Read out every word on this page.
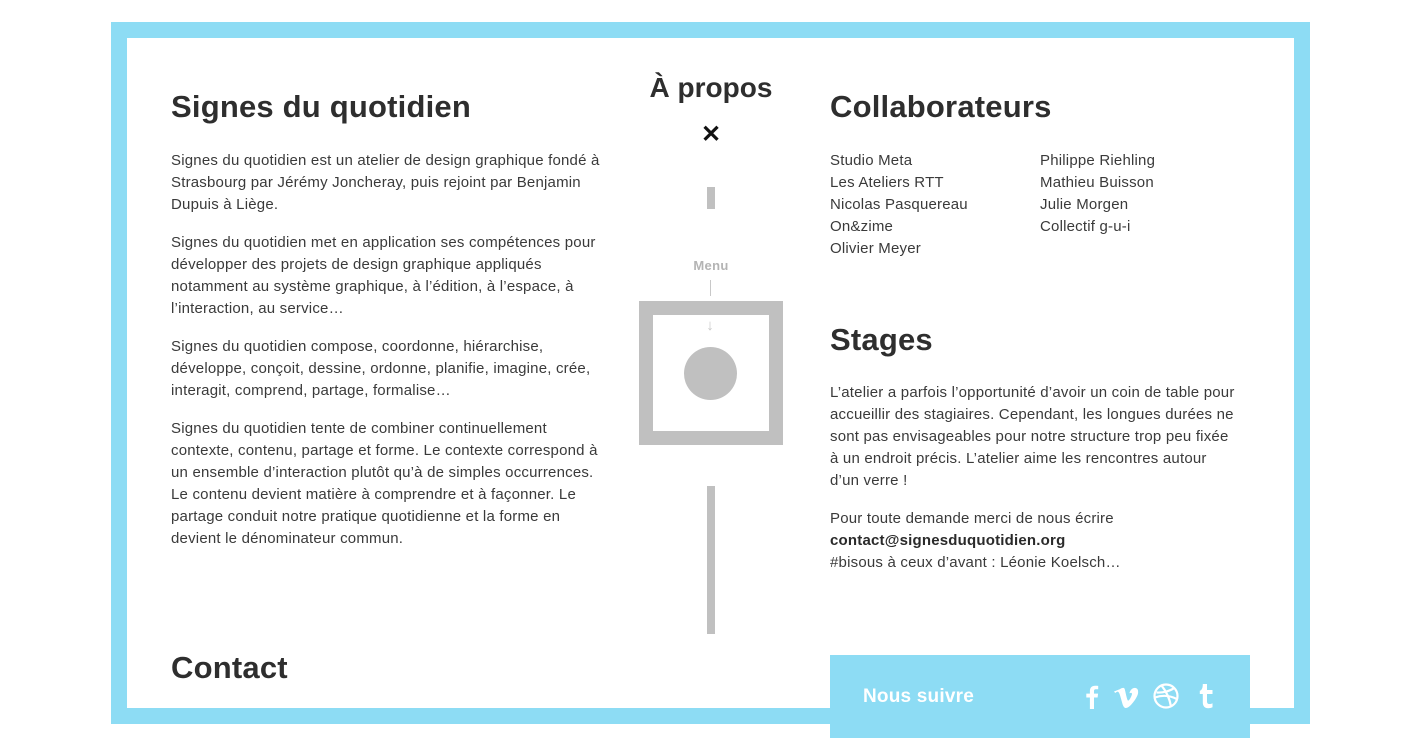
Signes du quotidien

Signes du quotidien est un atelier de design graphique fondé à Strasbourg par Jérémy Joncheray, puis rejoint par Benjamin Dupuis à Liège.

Signes du quotidien met en application ses compétences pour développer des projets de design graphique appliqués notamment au système graphique, à l’édition, à l’espace, à l’interaction, au service…

Signes du quotidien compose, coordonne, hiérarchise, développe, conçoit, dessine, ordonne, planifie, imagine, crée, interagit, comprend, partage, formalise…

Signes du quotidien tente de combiner continuellement contexte, contenu, partage et forme. Le contexte correspond à un ensemble d’interaction plutôt qu’à de simples occurrences. Le contenu devient matière à comprendre et à façonner. Le partage conduit notre pratique quotidienne et la forme en devient le dénominateur commun.

Contact
À propos
✕
Menu
↓
Collaborateurs
Studio Meta
Les Ateliers RTT
Nicolas Pasquereau
On&zime
Olivier Meyer
Philippe Riehling
Mathieu Buisson
Julie Morgen
Collectif g-u-i
Stages

L’atelier a parfois l’opportunité d’avoir un coin de table pour accueillir des stagiaires. Cependant, les longues durées ne sont pas envisageables pour notre structure trop peu fixée à un endroit précis. L’atelier aime les rencontres autour d’un verre !

Pour toute demande merci de nous écrire
contact@signesduquotidien.org
#bisous à ceux d’avant : Léonie Koelsch…

Nous suivre
